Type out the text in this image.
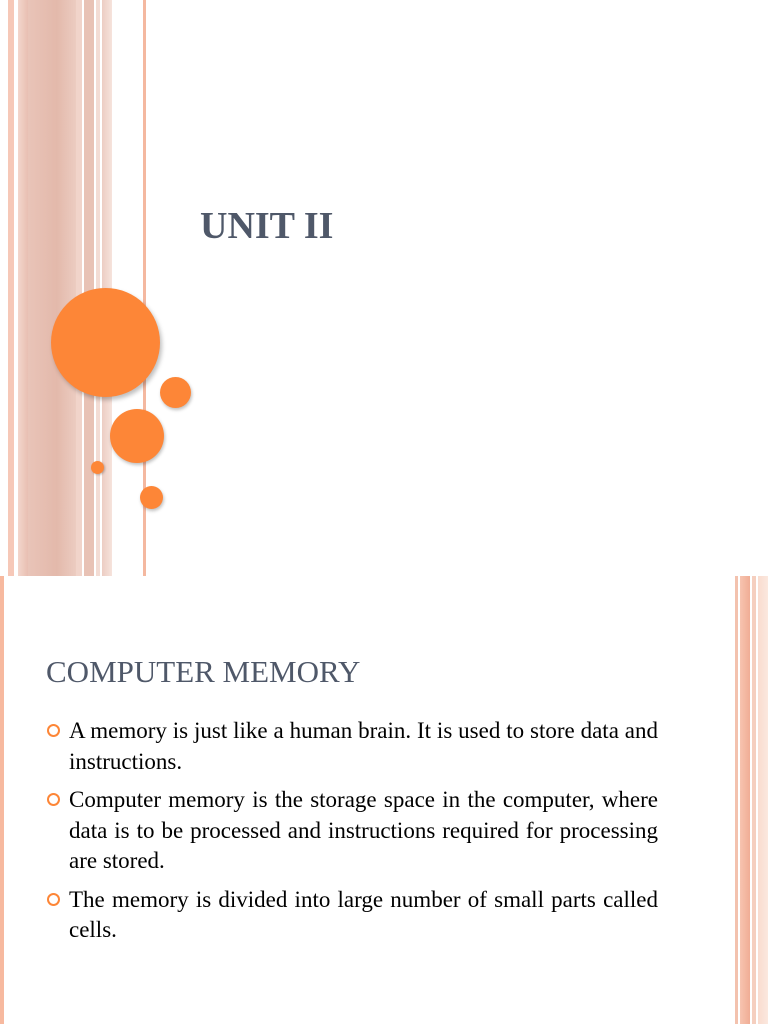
UNIT II
COMPUTER MEMORY
A memory is just like a human brain. It is used to store data and instructions.
Computer memory is the storage space in the computer, where data is to be processed and instructions required for processing are stored.
The memory is divided into large number of small parts called cells.
